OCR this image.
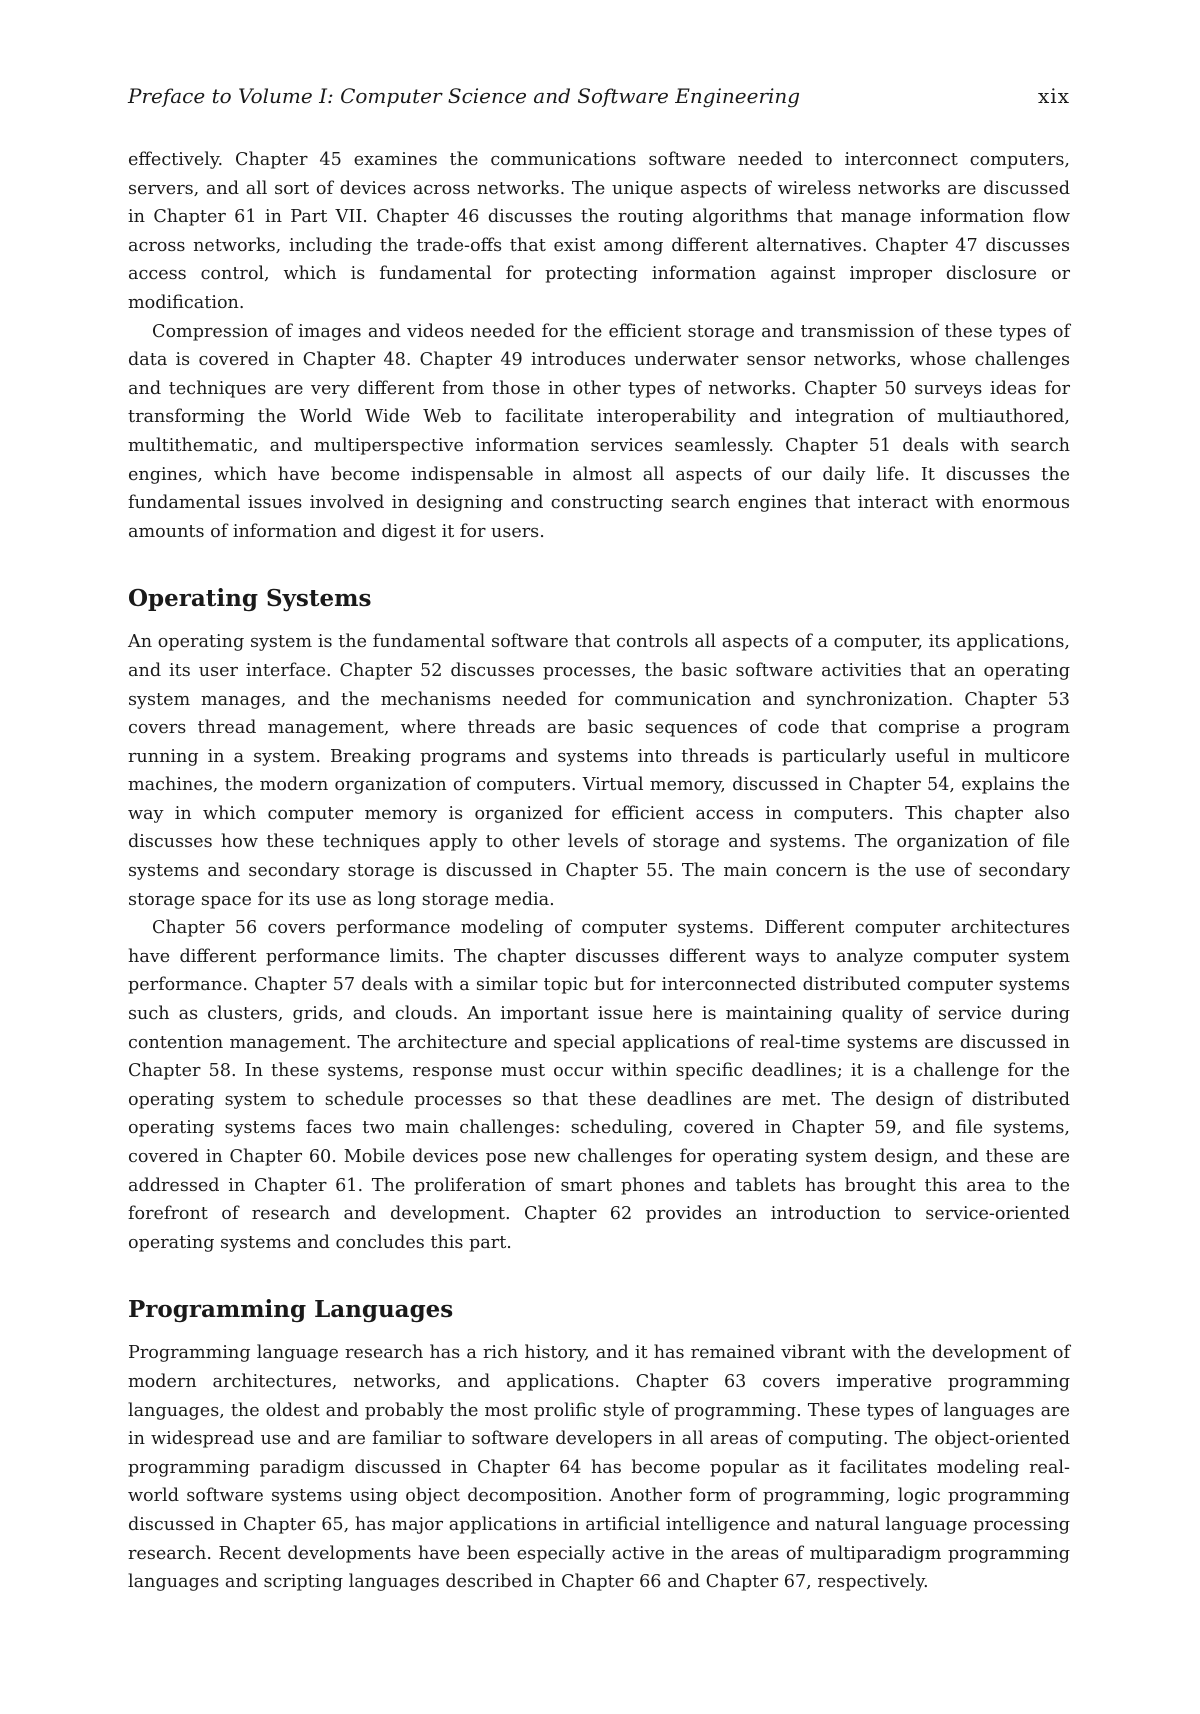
Preface to Volume I: Computer Science and Software Engineering	xix

effectively. Chapter 45 examines the communications software needed to interconnect computers, servers, and all sort of devices across networks. The unique aspects of wireless networks are discussed in Chapter 61 in Part VII. Chapter 46 discusses the routing algorithms that manage information flow across networks, including the trade-offs that exist among different alternatives. Chapter 47 discusses access control, which is fundamental for protecting information against improper disclosure or modification.

Compression of images and videos needed for the efficient storage and transmission of these types of data is covered in Chapter 48. Chapter 49 introduces underwater sensor networks, whose challenges and techniques are very different from those in other types of networks. Chapter 50 surveys ideas for transforming the World Wide Web to facilitate interoperability and integration of multiauthored, multithematic, and multiperspective information services seamlessly. Chapter 51 deals with search engines, which have become indispensable in almost all aspects of our daily life. It discusses the fundamental issues involved in designing and constructing search engines that interact with enormous amounts of information and digest it for users.

Operating Systems

An operating system is the fundamental software that controls all aspects of a computer, its applications, and its user interface. Chapter 52 discusses processes, the basic software activities that an operating system manages, and the mechanisms needed for communication and synchronization. Chapter 53 covers thread management, where threads are basic sequences of code that comprise a program running in a system. Breaking programs and systems into threads is particularly useful in multicore machines, the modern organization of computers. Virtual memory, discussed in Chapter 54, explains the way in which computer memory is organized for efficient access in computers. This chapter also discusses how these techniques apply to other levels of storage and systems. The organization of file systems and secondary storage is discussed in Chapter 55. The main concern is the use of secondary storage space for its use as long storage media.

Chapter 56 covers performance modeling of computer systems. Different computer architectures have different performance limits. The chapter discusses different ways to analyze computer system performance. Chapter 57 deals with a similar topic but for interconnected distributed computer systems such as clusters, grids, and clouds. An important issue here is maintaining quality of service during contention management. The architecture and special applications of real-time systems are discussed in Chapter 58. In these systems, response must occur within specific deadlines; it is a challenge for the operating system to schedule processes so that these deadlines are met. The design of distributed operating systems faces two main challenges: scheduling, covered in Chapter 59, and file systems, covered in Chapter 60. Mobile devices pose new challenges for operating system design, and these are addressed in Chapter 61. The proliferation of smart phones and tablets has brought this area to the forefront of research and development. Chapter 62 provides an introduction to service-oriented operating systems and concludes this part.

Programming Languages

Programming language research has a rich history, and it has remained vibrant with the development of modern architectures, networks, and applications. Chapter 63 covers imperative programming languages, the oldest and probably the most prolific style of programming. These types of languages are in widespread use and are familiar to software developers in all areas of computing. The object-oriented programming paradigm discussed in Chapter 64 has become popular as it facilitates modeling real-world software systems using object decomposition. Another form of programming, logic programming discussed in Chapter 65, has major applications in artificial intelligence and natural language processing research. Recent developments have been especially active in the areas of multiparadigm programming languages and scripting languages described in Chapter 66 and Chapter 67, respectively.
